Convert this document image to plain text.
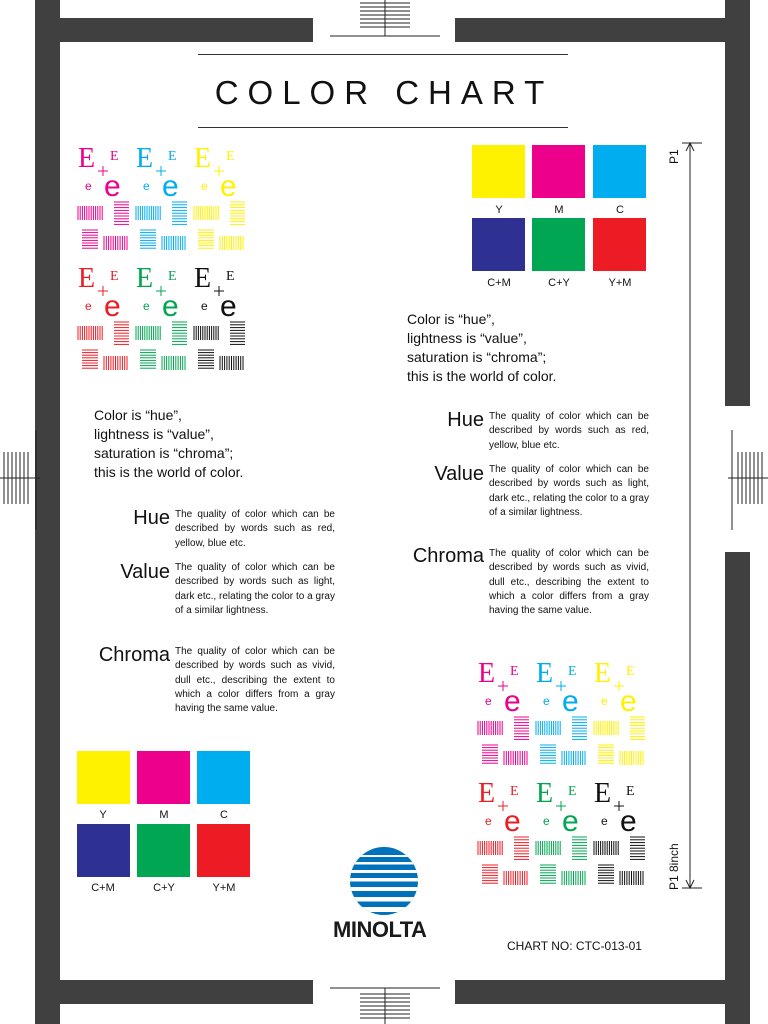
COLOR CHART
E E
e e
E E
e e
E E
e e
E E
e e
E E
e e
E E
e e
E E
e e
E E
e e
E E
e e
E E
e e
E E
e e
E E
e e
Y	M	C
C+M	C+Y	Y+M
Y	M	C
C+M	C+Y	Y+M
Color is “hue”,
lightness is “value”,
saturation is “chroma”;
this is the world of color.
Color is “hue”,
lightness is “value”,
saturation is “chroma”;
this is the world of color.
Hue The quality of color which can be described by words such as red, yellow, blue etc.
Value The quality of color which can be described by words such as light, dark etc., relating the color to a gray of a similar lightness.
Chroma The quality of color which can be described by words such as vivid, dull etc., describing the extent to which a color differs from a gray having the same value.
Hue The quality of color which can be described by words such as red, yellow, blue etc.
Value The quality of color which can be described by words such as light, dark etc., relating the color to a gray of a similar lightness.
Chroma The quality of color which can be described by words such as vivid, dull etc., describing the extent to which a color differs from a gray having the same value.
P1
P1 8inch
MINOLTA
CHART NO: CTC-013-01
